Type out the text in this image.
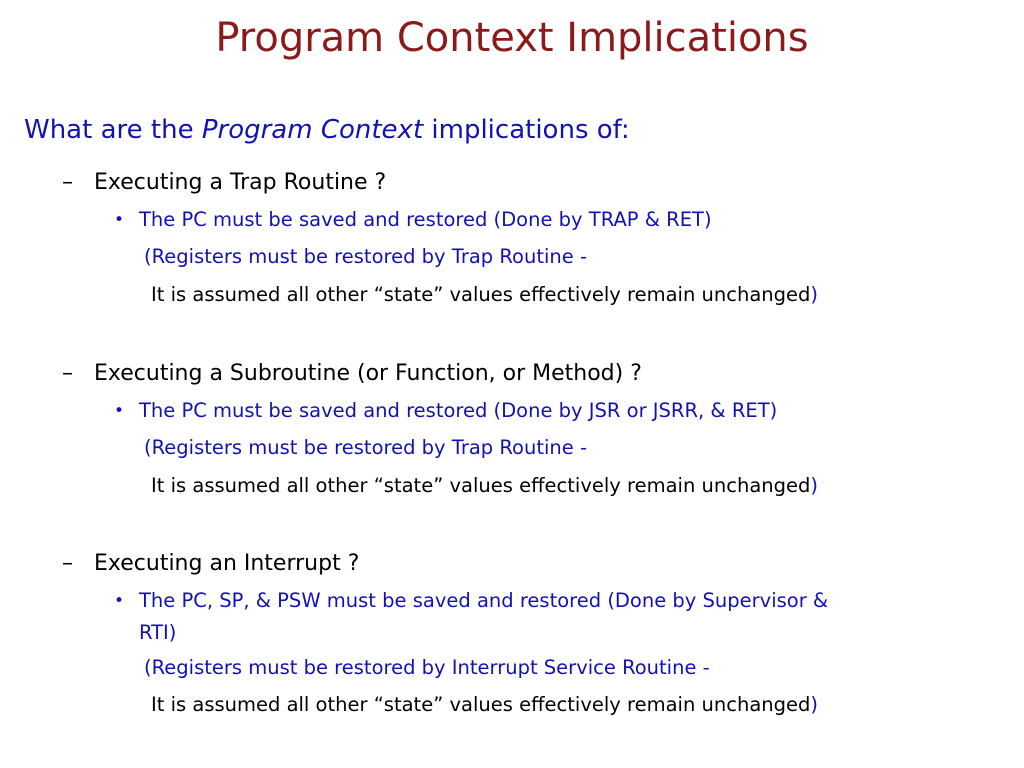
Program Context Implications
What are the Program Context implications of:
– Executing a Trap Routine ?
• The PC must be saved and restored (Done by TRAP & RET)
(Registers must be restored by Trap Routine -
It is assumed all other “state” values effectively remain unchanged)
– Executing a Subroutine (or Function, or Method) ?
• The PC must be saved and restored (Done by JSR or JSRR, & RET)
(Registers must be restored by Trap Routine -
It is assumed all other “state” values effectively remain unchanged)
– Executing an Interrupt ?
• The PC, SP, & PSW must be saved and restored (Done by Supervisor &
RTI)
(Registers must be restored by Interrupt Service Routine -
It is assumed all other “state” values effectively remain unchanged)
